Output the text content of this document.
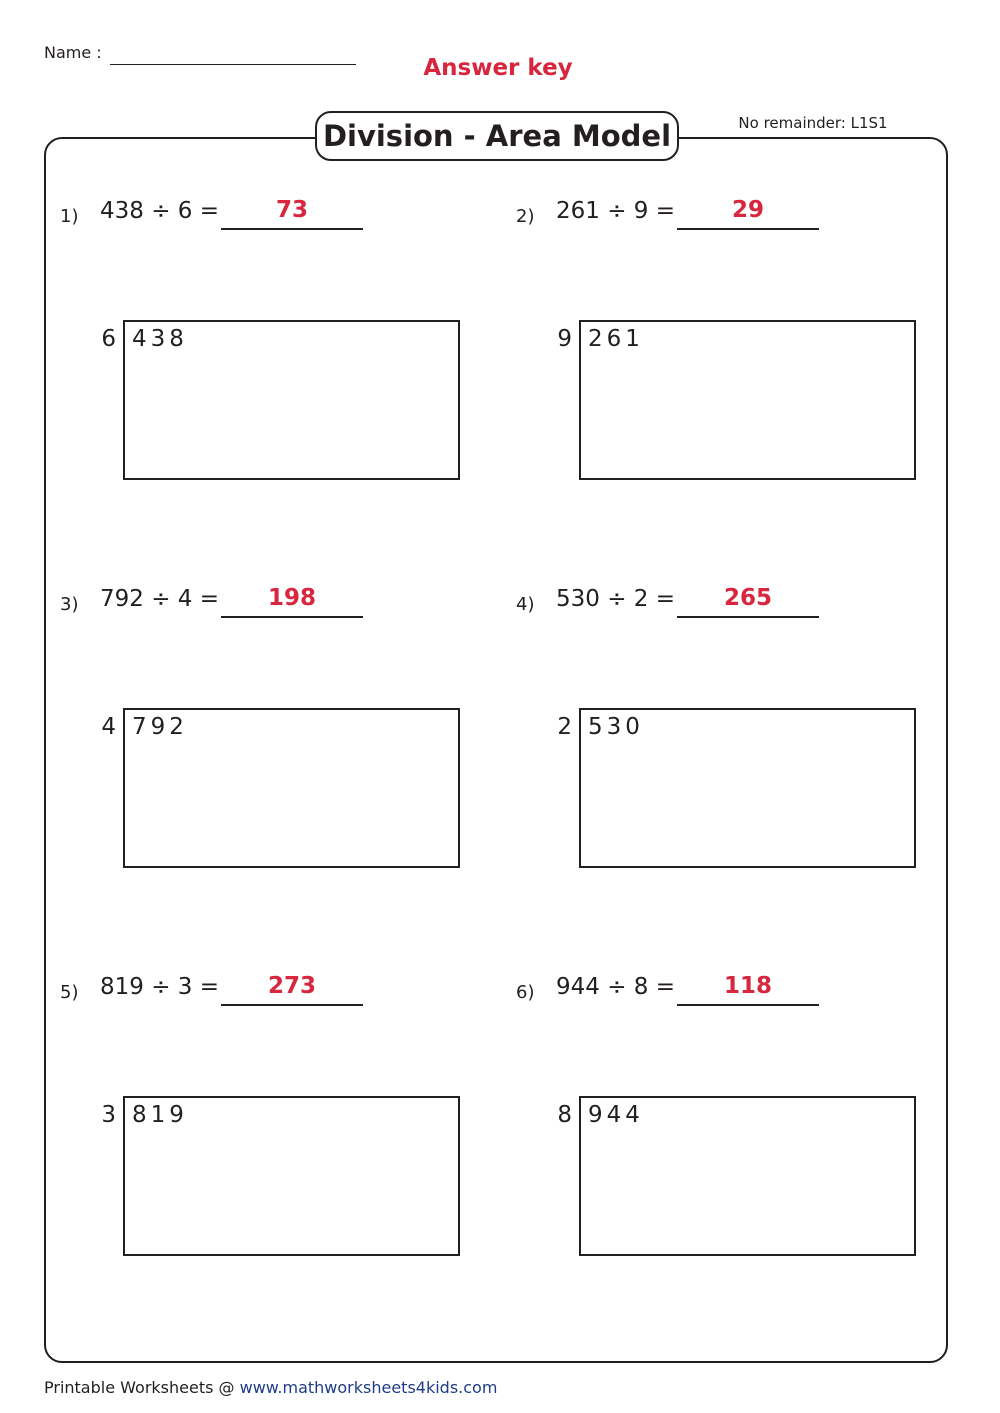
Name :
Answer key
Division - Area Model	No remainder: L1S1
1) 438 ÷ 6 =	73
6 438
2) 261 ÷ 9 =	29
9 261
3) 792 ÷ 4 =	198
4 792
4) 530 ÷ 2 =	265
2 530
5) 819 ÷ 3 =	273
3 819
6) 944 ÷ 8 =	118
8 944
Printable Worksheets @ www.mathworksheets4kids.com
